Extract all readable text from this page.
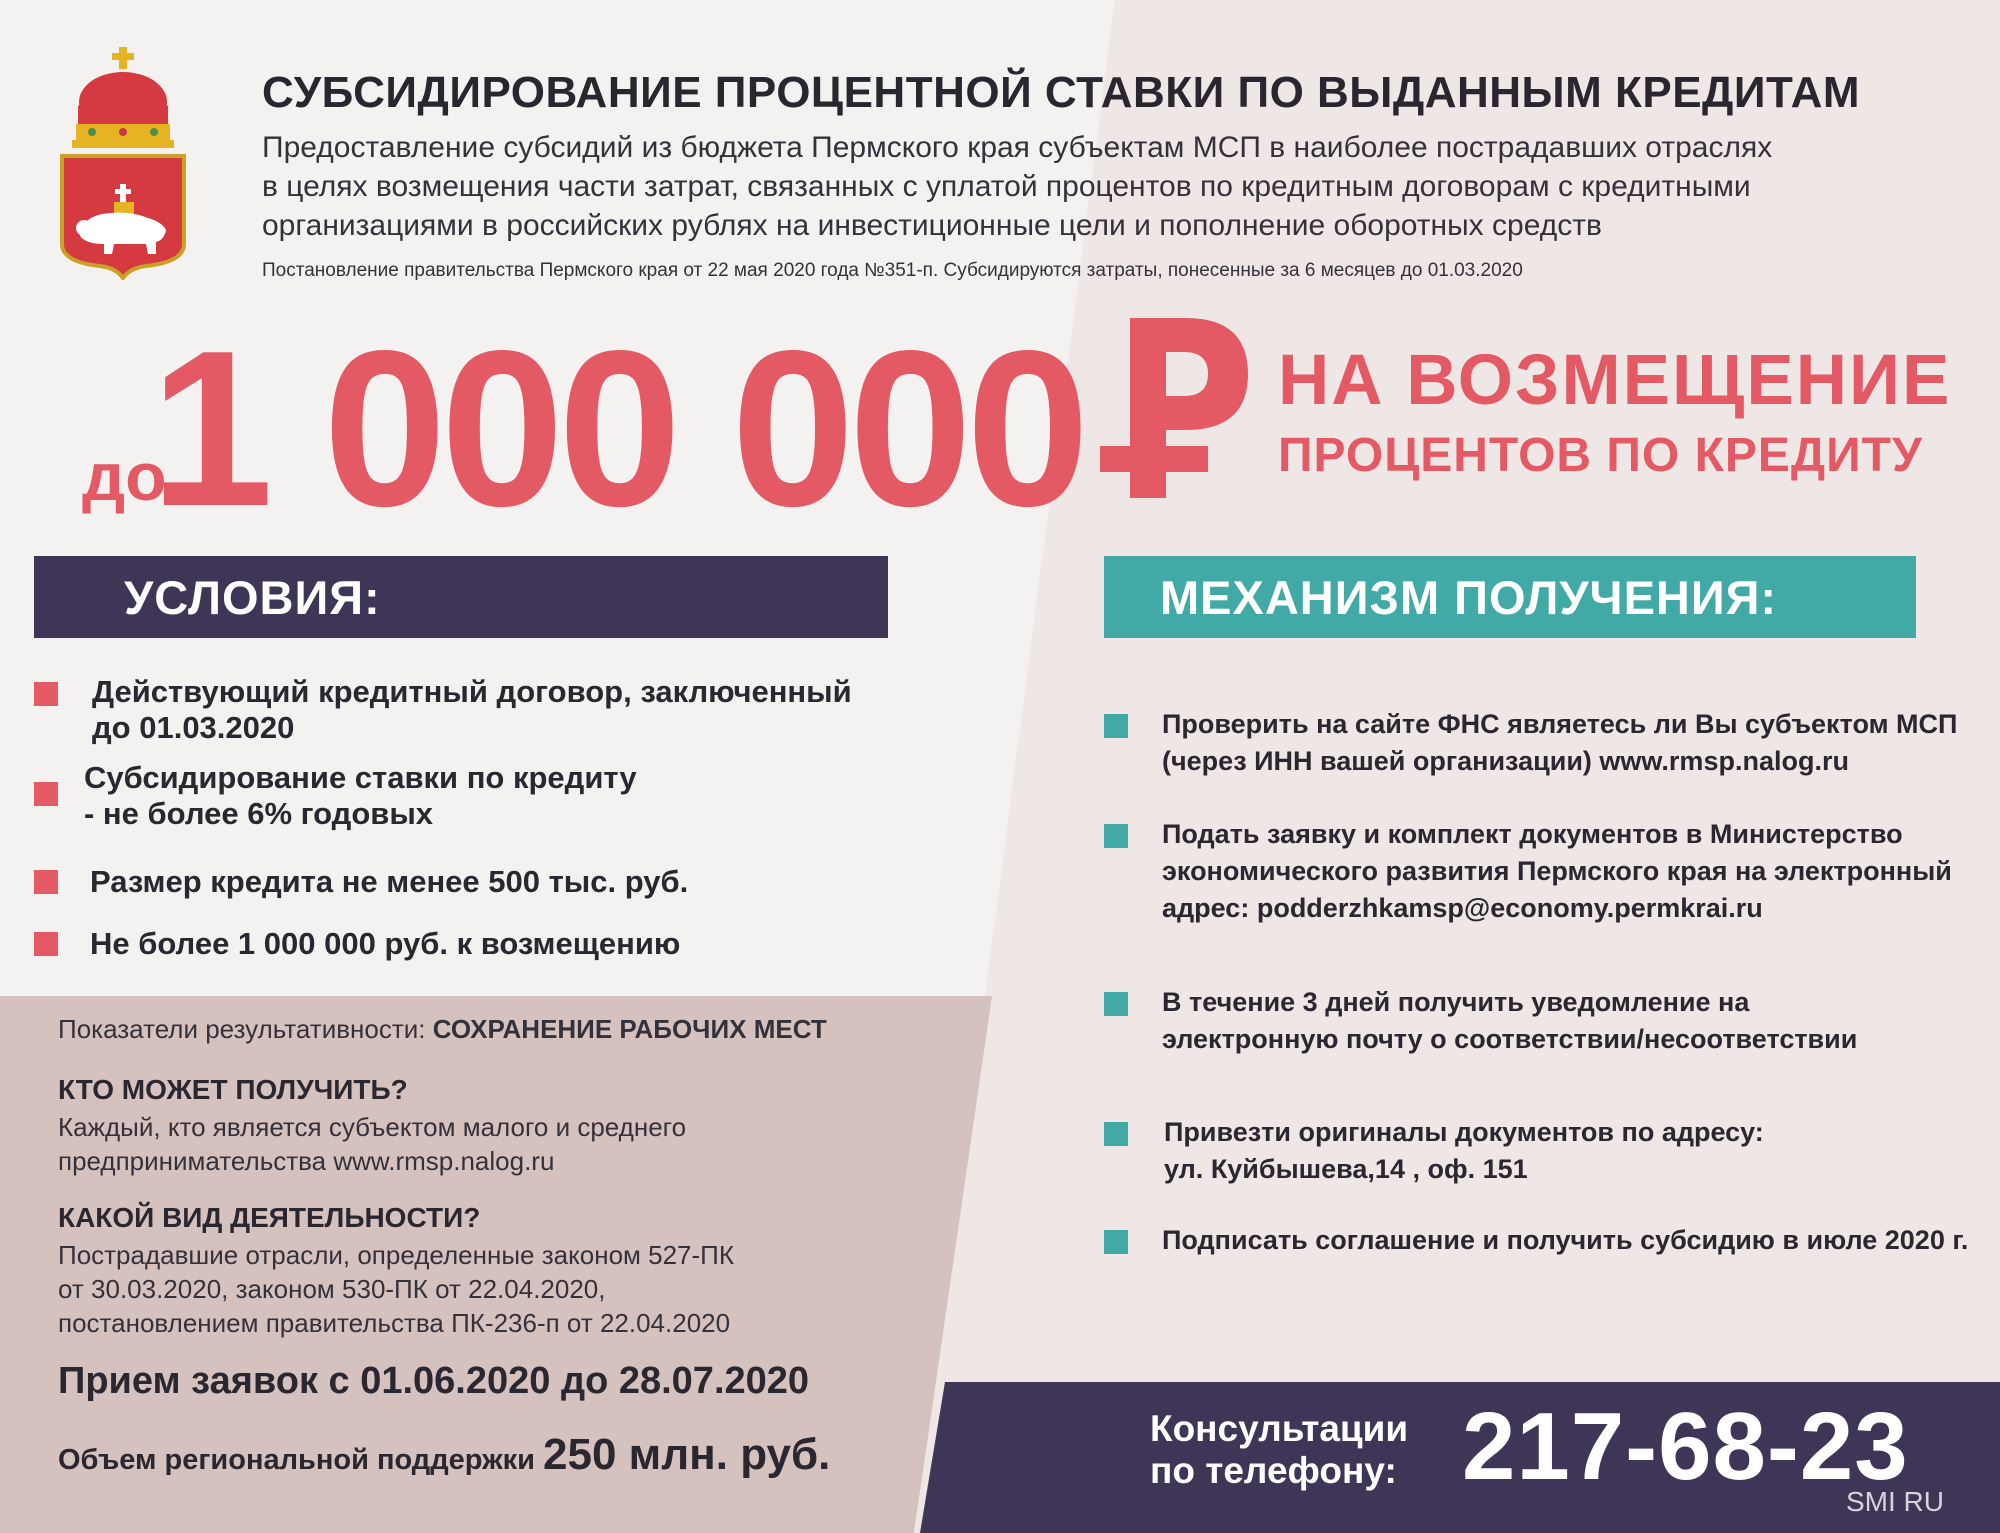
СУБСИДИРОВАНИЕ ПРОЦЕНТНОЙ СТАВКИ ПО ВЫДАННЫМ КРЕДИТАМ
Предоставление субсидий из бюджета Пермского края субъектам МСП в наиболее пострадавших отраслях
в целях возмещения части затрат, связанных с уплатой процентов по кредитным договорам с кредитными
организациями в российских рублях на инвестиционные цели и пополнение оборотных средств
Постановление правительства Пермского края от 22 мая 2020 года №351-п. Субсидируются затраты, понесенные за 6 месяцев до 01.03.2020
до
1 000 000	НА ВОЗМЕЩЕНИЕ
ПРОЦЕНТОВ ПО КРЕДИТУ
УСЛОВИЯ:	МЕХАНИЗМ ПОЛУЧЕНИЯ:
Действующий кредитный договор, заключенный
до 01.03.2020
Субсидирование ставки по кредиту
- не более 6% годовых
Размер кредита не менее 500 тыс. руб.
Не более 1 000 000 руб. к возмещению
Проверить на сайте ФНС являетесь ли Вы субъектом МСП
(через ИНН вашей организации) www.rmsp.nalog.ru
Подать заявку и комплект документов в Министерство
экономического развития Пермского края на электронный
адрес: podderzhkamsp@economy.permkrai.ru
В течение 3 дней получить уведомление на
электронную почту о соответствии/несоответствии
Привезти оригиналы документов по адресу:
ул. Куйбышева,14 , оф. 151
Подписать соглашение и получить субсидию в июле 2020 г.
Показатели результативности: СОХРАНЕНИЕ РАБОЧИХ МЕСТ
КТО МОЖЕТ ПОЛУЧИТЬ?
Каждый, кто является субъектом малого и среднего
предпринимательства www.rmsp.nalog.ru
КАКОЙ ВИД ДЕЯТЕЛЬНОСТИ?
Пострадавшие отрасли, определенные законом 527-ПК
от 30.03.2020, законом 530-ПК от 22.04.2020,
постановлением правительства ПК-236-п от 22.04.2020
Прием заявок с 01.06.2020 до 28.07.2020
Объем региональной поддержки 250 млн. руб.
Консультации
по телефону: 217-68-23
SMI RU
